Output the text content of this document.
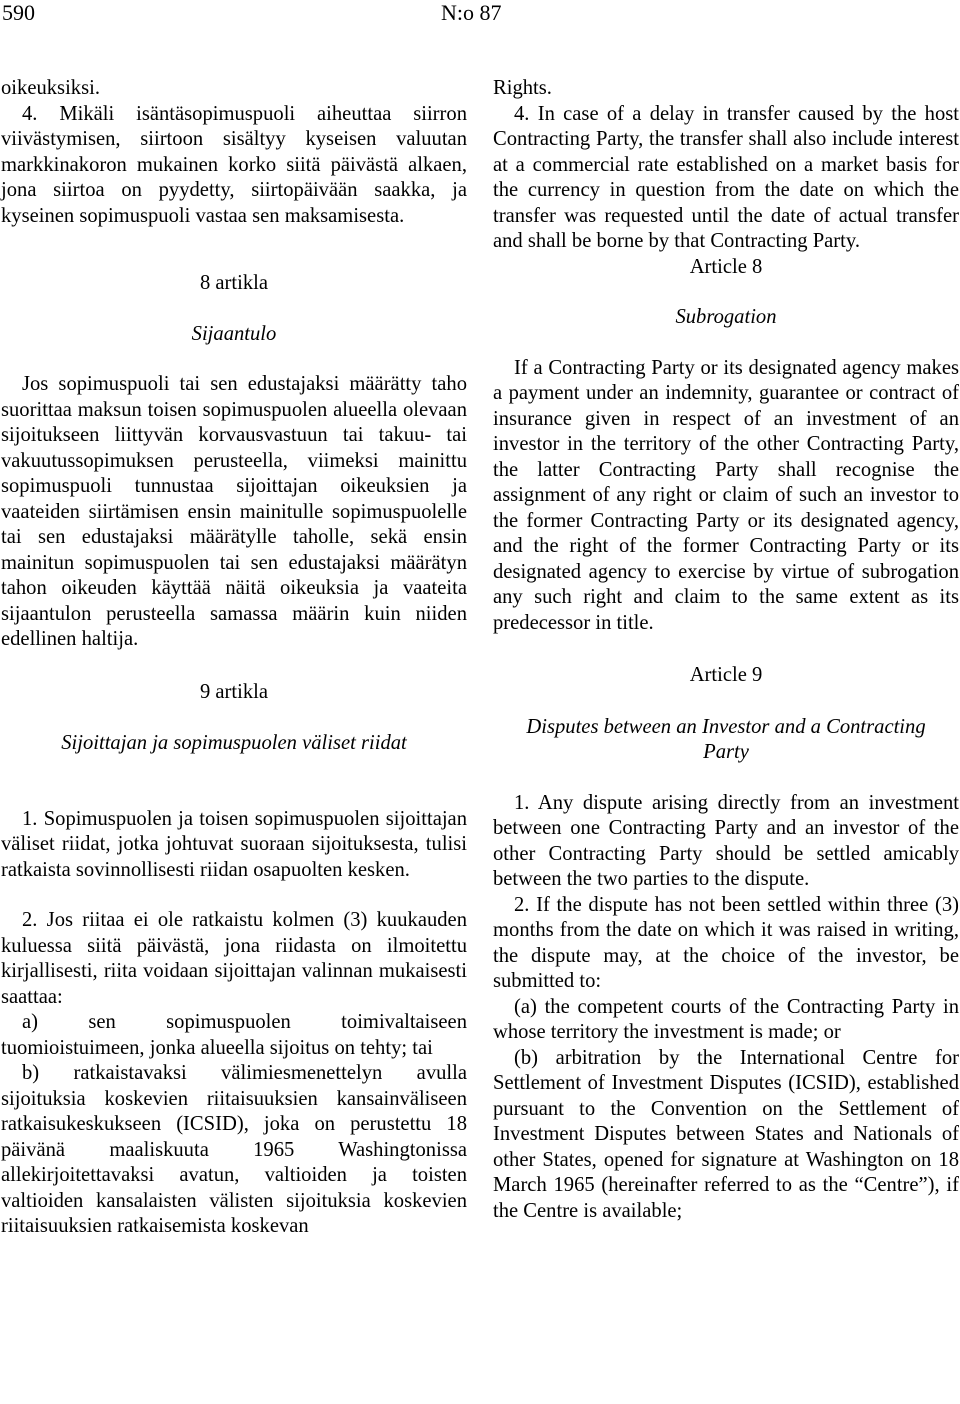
590	N:o 87

oikeuksiksi.

4. Mikäli isäntäsopimuspuoli aiheuttaa siirron viivästymisen, siirtoon sisältyy kyseisen valuutan markkinakoron mukainen korko siitä päivästä alkaen, jona siirtoa on pyydetty, siirtopäivään saakka, ja kyseinen sopimuspuoli vastaa sen maksamisesta.

8 artikla

Sijaantulo

Jos sopimuspuoli tai sen edustajaksi määrätty taho suorittaa maksun toisen sopimuspuolen alueella olevaan sijoitukseen liittyvän korvausvastuun tai takuu- tai vakuutussopimuksen perusteella, viimeksi mainittu sopimuspuoli tunnustaa sijoittajan oikeuksien ja vaateiden siirtämisen ensin mainitulle sopimuspuolelle tai sen edustajaksi määrätylle taholle, sekä ensin mainitun sopimuspuolen tai sen edustajaksi määrätyn tahon oikeuden käyttää näitä oikeuksia ja vaateita sijaantulon perusteella samassa määrin kuin niiden edellinen haltija.

9 artikla

Sijoittajan ja sopimuspuolen väliset riidat

1. Sopimuspuolen ja toisen sopimuspuolen sijoittajan väliset riidat, jotka johtuvat suoraan sijoituksesta, tulisi ratkaista sovinnollisesti riidan osapuolten kesken.

2. Jos riitaa ei ole ratkaistu kolmen (3) kuukauden kuluessa siitä päivästä, jona riidasta on ilmoitettu kirjallisesti, riita voidaan sijoittajan valinnan mukaisesti saattaa:

a) sen sopimuspuolen toimivaltaiseen tuomioistuimeen, jonka alueella sijoitus on tehty; tai

b) ratkaistavaksi välimiesmenettelyn avulla sijoituksia koskevien riitaisuuksien kansainväliseen ratkaisukeskukseen (ICSID), joka on perustettu 18 päivänä maaliskuuta 1965 Washingtonissa allekirjoitettavaksi avatun, valtioiden ja toisten valtioiden kansalaisten välisten sijoituksia koskevien riitaisuuksien ratkaisemista koskevan

Rights.

4. In case of a delay in transfer caused by the host Contracting Party, the transfer shall also include interest at a commercial rate established on a market basis for the currency in question from the date on which the transfer was requested until the date of actual transfer and shall be borne by that Contracting Party.

Article 8

Subrogation

If a Contracting Party or its designated agency makes a payment under an indemnity, guarantee or contract of insurance given in respect of an investment of an investor in the territory of the other Contracting Party, the latter Contracting Party shall recognise the assignment of any right or claim of such an investor to the former Contracting Party or its designated agency, and the right of the former Contracting Party or its designated agency to exercise by virtue of subrogation any such right and claim to the same extent as its predecessor in title.

Article 9

Disputes between an Investor and a Contracting Party

1. Any dispute arising directly from an investment between one Contracting Party and an investor of the other Contracting Party should be settled amicably between the two parties to the dispute.

2. If the dispute has not been settled within three (3) months from the date on which it was raised in writing, the dispute may, at the choice of the investor, be submitted to:

(a) the competent courts of the Contracting Party in whose territory the investment is made; or

(b) arbitration by the International Centre for Settlement of Investment Disputes (ICSID), established pursuant to the Convention on the Settlement of Investment Disputes between States and Nationals of other States, opened for signature at Washington on 18 March 1965 (hereinafter referred to as the “Centre”), if the Centre is available;
